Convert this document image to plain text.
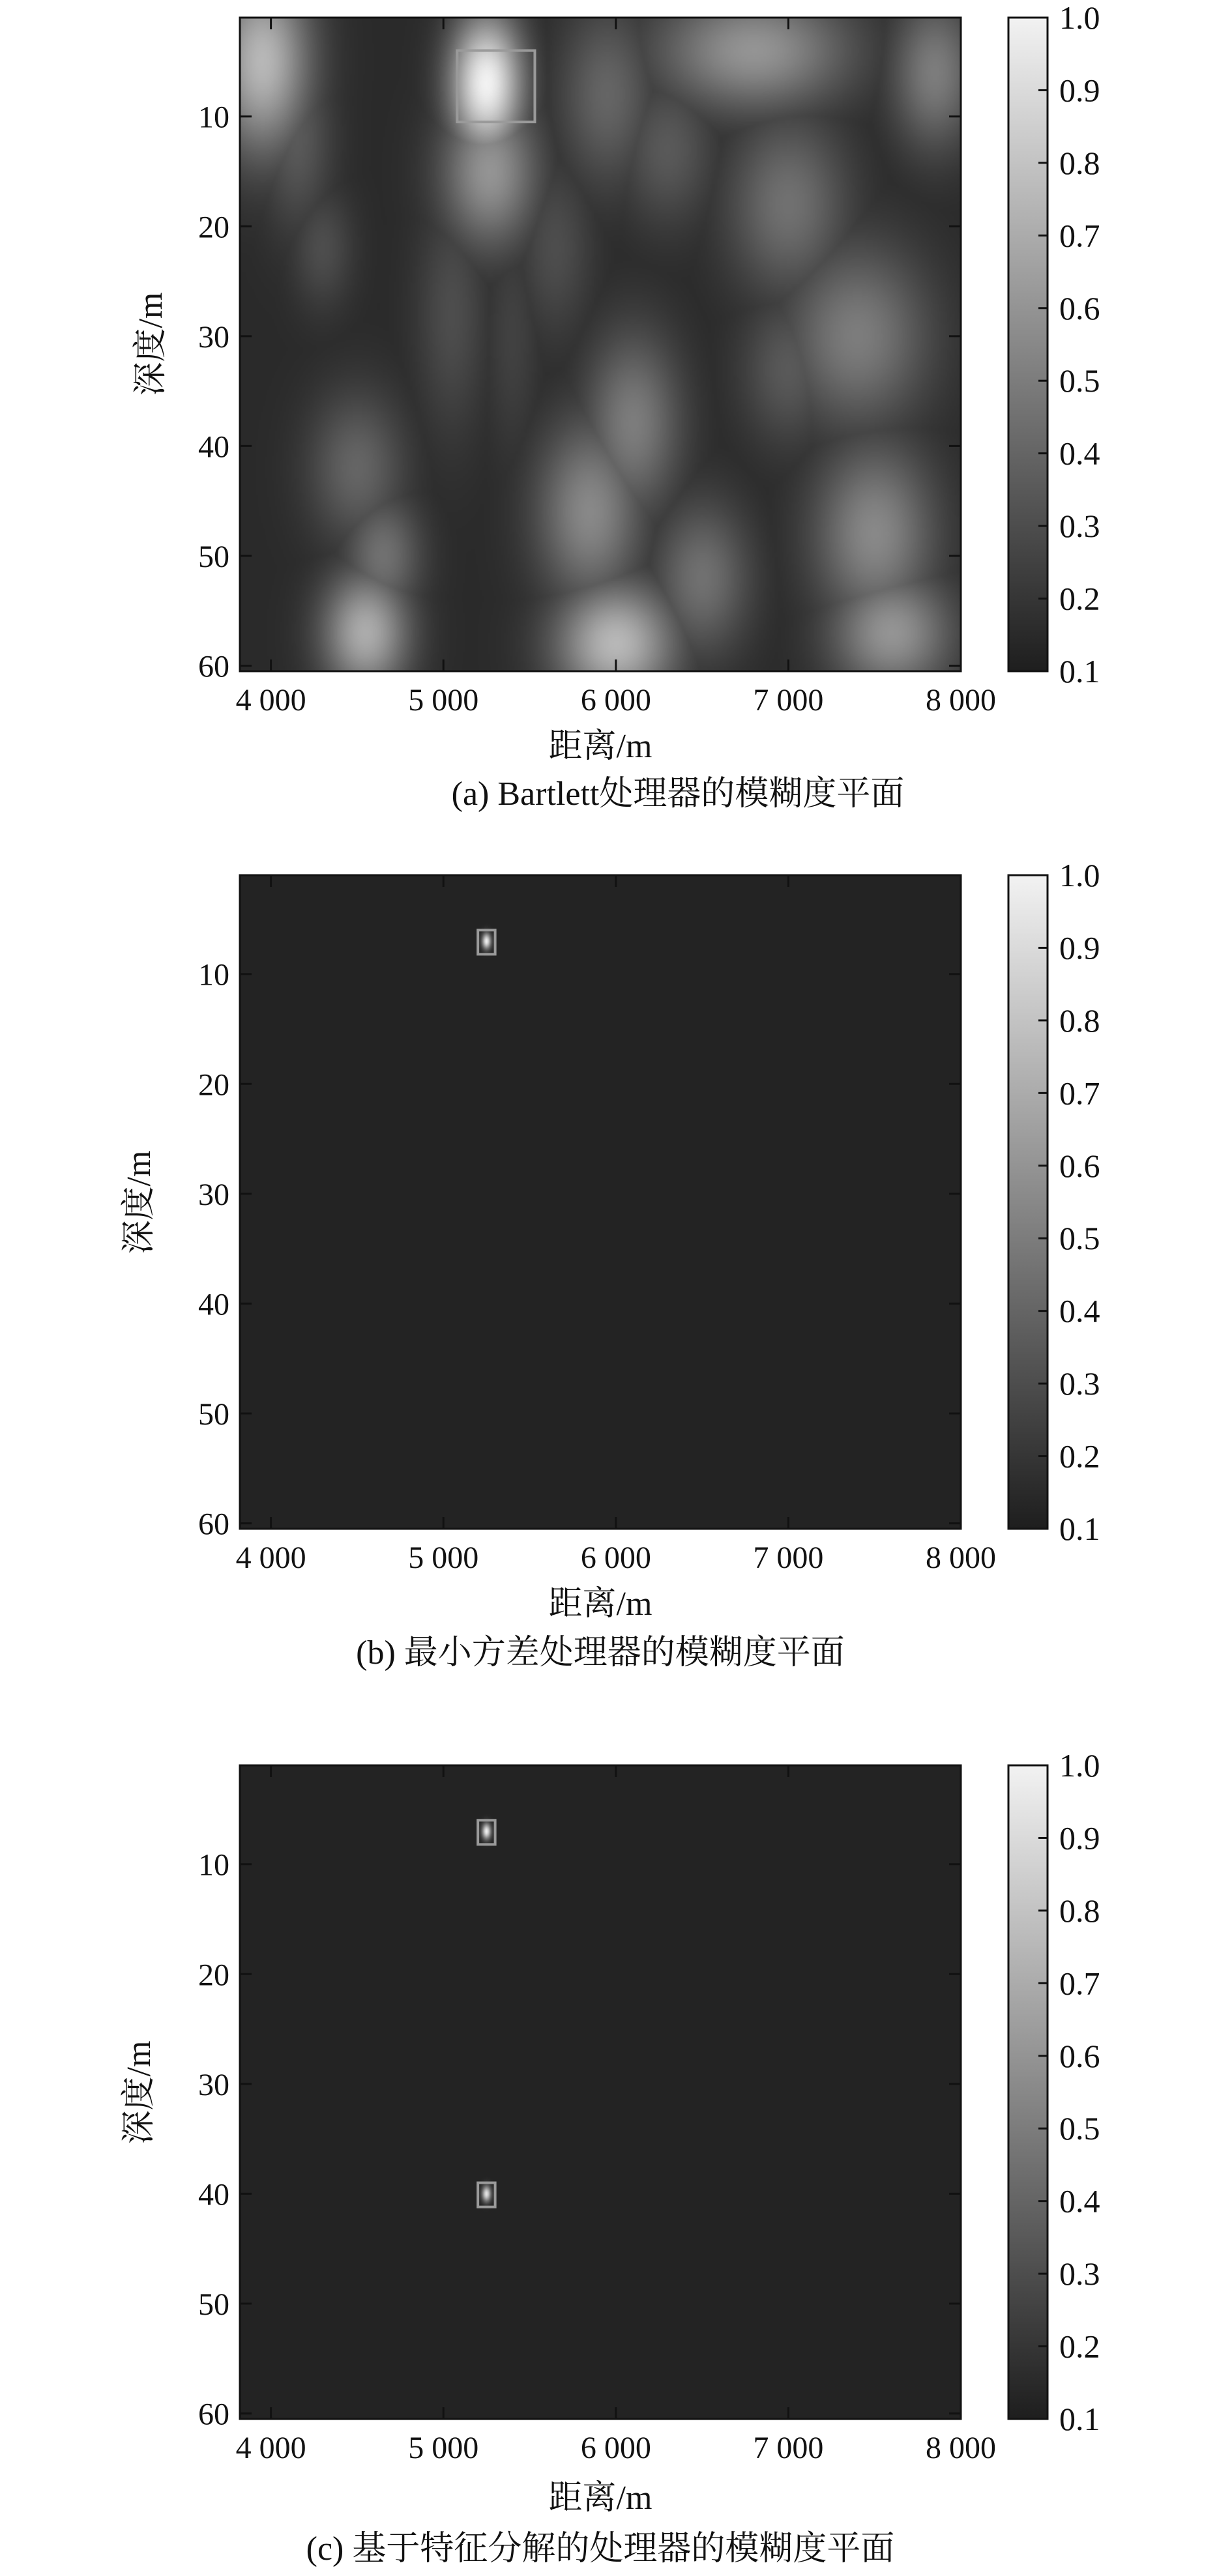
4 000	5 000	6 000	7 000	8 000
10
20
30
40
50
60
距离/m
深度/m
(a) Bartlett处理器的模糊度平面
0.1
0.2
0.3
0.4
0.5
0.6
0.7
0.8
0.9
1.0
4 000	5 000	6 000	7 000	8 000
10
20
30
40
50
60
距离/m
深度/m
(b) 最小方差处理器的模糊度平面
0.1
0.2
0.3
0.4
0.5
0.6
0.7
0.8
0.9
1.0
4 000	5 000	6 000	7 000	8 000
10
20
30
40
50
60
距离/m
深度/m
(c) 基于特征分解的处理器的模糊度平面
0.1
0.2
0.3
0.4
0.5
0.6
0.7
0.8
0.9
1.0
